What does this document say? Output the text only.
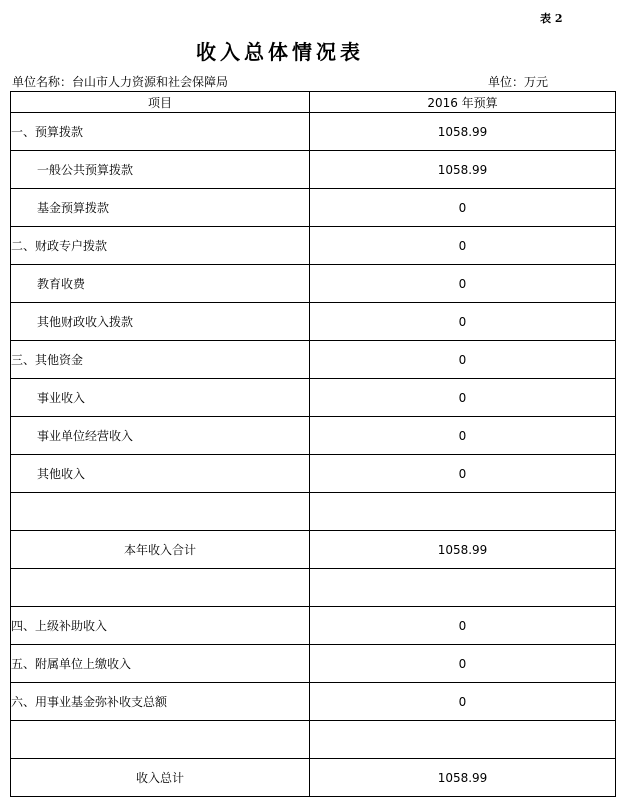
表 2
收入总体情况表
单位名称：台山市人力资源和社会保障局	单位：万元
项目	2016 年预算
一、预算拨款	1058.99
一般公共预算拨款	1058.99
基金预算拨款	0
二、财政专户拨款	0
教育收费	0
其他财政收入拨款	0
三、其他资金	0
事业收入	0
事业单位经营收入	0
其他收入	0

本年收入合计	1058.99

四、上级补助收入	0
五、附属单位上缴收入	0
六、用事业基金弥补收支总额	0

收入总计	1058.99
